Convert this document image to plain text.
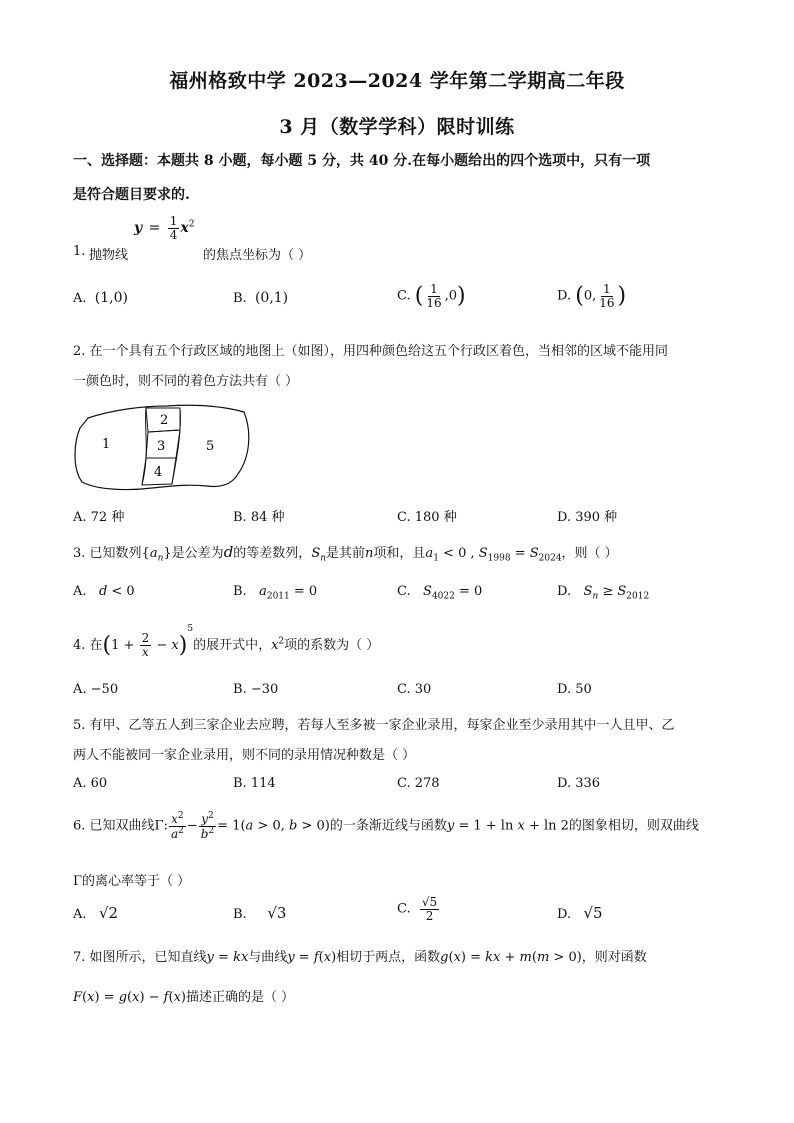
福州格致中学 2023—2024 学年第二学期高二年段
3 月（数学学科）限时训练
一、选择题：本题共 8 小题，每小题 5 分，共 40 分.在每小题给出的四个选项中，只有一项
是符合题目要求的.
1. 抛物线
$y = \frac{1}{4} x^2$
的焦点坐标为（ ）
A. (1,0)	B. (0,1)	C. ( $\frac{1}{16} ,0$)	D. (0, $\frac{1}{16}$ )
2. 在一个具有五个行政区域的地图上（如图），用四种颜色给这五个行政区着色，当相邻的区域不能用同
一颜色时，则不同的着色方法共有（ ）
1
2
3
4
5
A. 72 种	B. 84 种	C. 180 种	D. 390 种
3. 已知数列$\{a_n\}$是公差为d的等差数列，$S_n$是其前n项和，且$a_1 < 0$ , $S_{1998} = S_{2024}$，则（ ）
A. d < 0	B. $a_{2011} = 0$	C. $S_{4022} = 0$	D. $S_n \ge S_{2012}$
4. 在$(1 + \frac{2}{x} - x)^5$的展开式中，$x^2$项的系数为（ ）
A. −50	B. −30	C. 30	D. 50
5. 有甲、乙等五人到三家企业去应聘，若每人至多被一家企业录用，每家企业至少录用其中一人且甲、乙
两人不能被同一家企业录用，则不同的录用情况种数是（ ）
A. 60	B. 114	C. 278	D. 336
6. 已知双曲线Γ: $\frac{x^2}{a^2} - \frac{y^2}{b^2} = 1(a > 0$, b > 0)的一条渐近线与函数y = 1 + ln x + ln 2的图象相切，则双曲线
Γ的离心率等于（ ）
A. √2	B. √3	C. $\frac{√5}{2}$	D. √5
7. 如图所示，已知直线y = kx与曲线y = f(x)相切于两点，函数g(x) = kx + m(m > 0)，则对函数
F(x) = g(x) − f(x)描述正确的是（ ）
